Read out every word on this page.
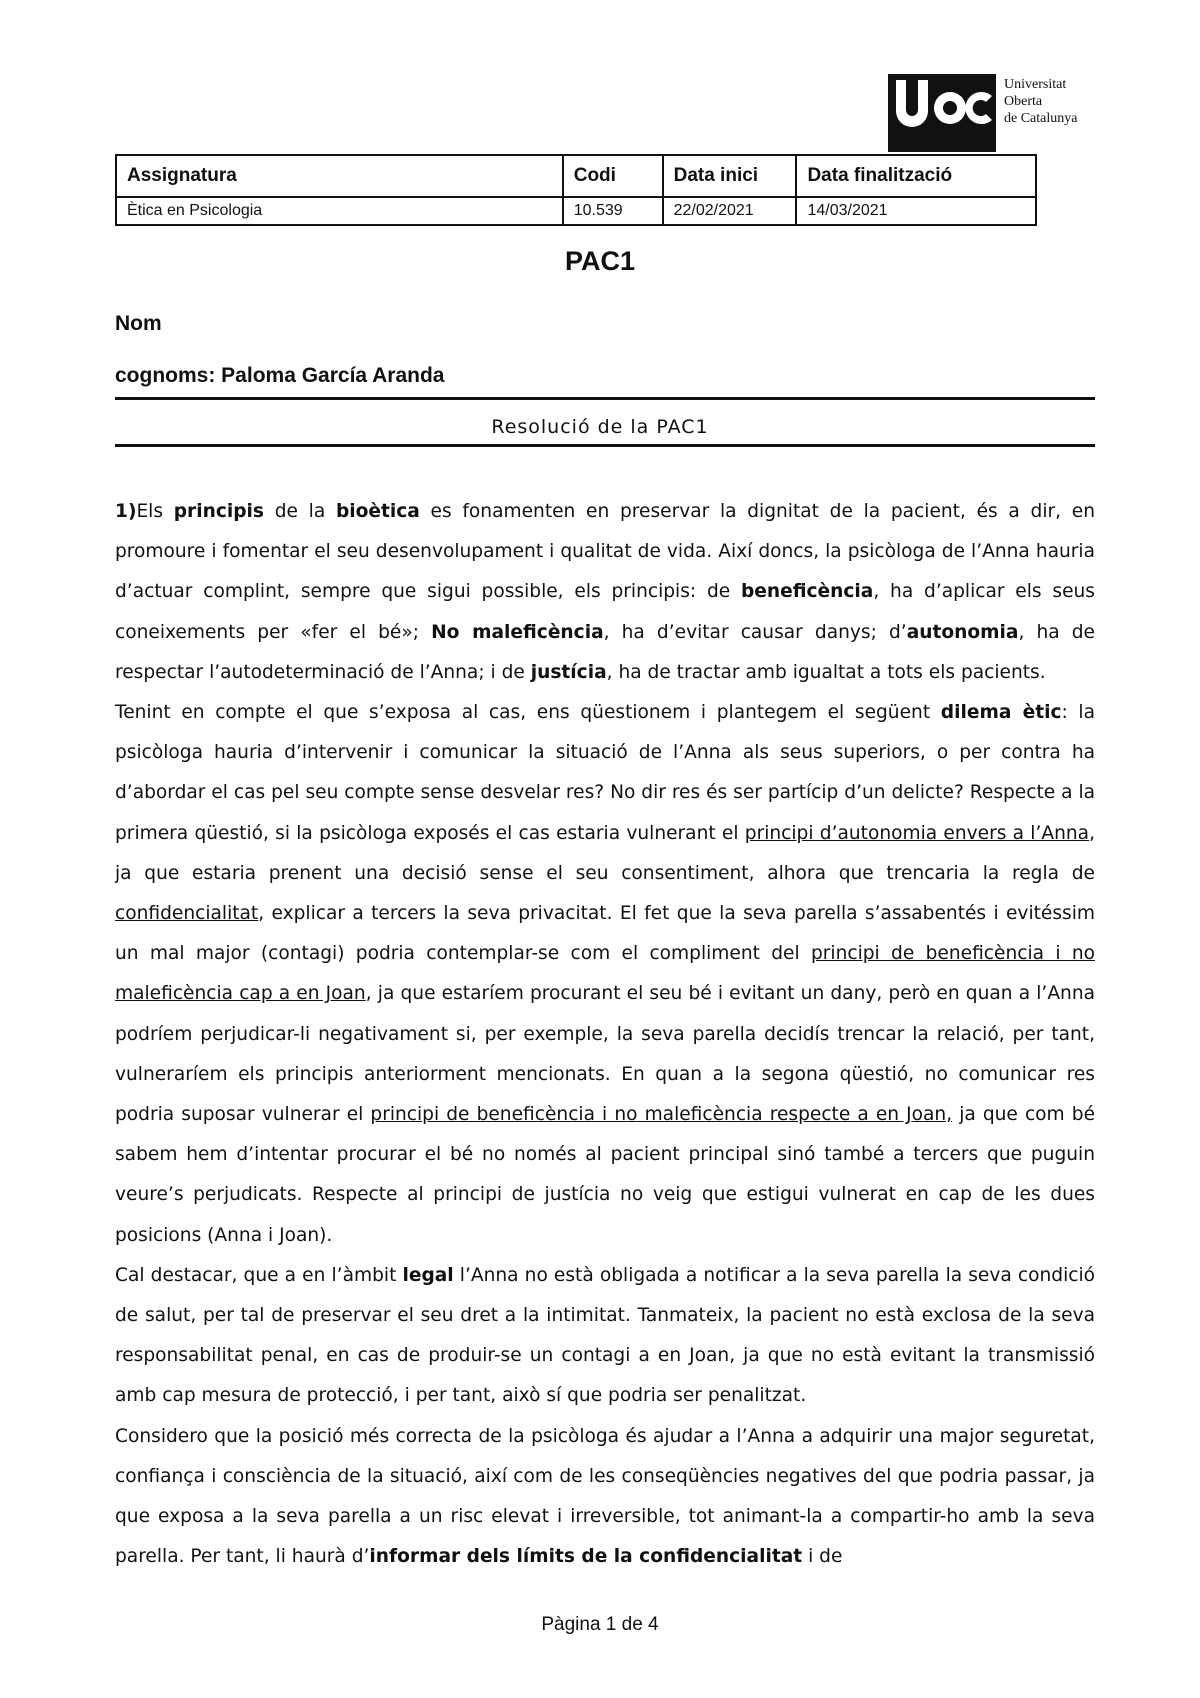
Universitat
Oberta
de Catalunya
Assignatura	Codi	Data inici	Data finalització
Ètica en Psicologia	10.539	22/02/2021	14/03/2021
PAC1
Nom
cognoms: Paloma García Aranda
Resolució de la PAC1

1)Els principis de la bioètica es fonamenten en preservar la dignitat de la pacient, és a dir, en promoure i fomentar el seu desenvolupament i qualitat de vida. Així doncs, la psicòloga de l’Anna hauria d’actuar complint, sempre que sigui possible, els principis: de beneficència, ha d’aplicar els seus coneixements per «fer el bé»; No maleficència, ha d’evitar causar danys; d’autonomia, ha de respectar l’autodeterminació de l’Anna; i de justícia, ha de tractar amb igualtat a tots els pacients.

Tenint en compte el que s’exposa al cas, ens qüestionem i plantegem el següent dilema ètic: la psicòloga hauria d’intervenir i comunicar la situació de l’Anna als seus superiors, o per contra ha d’abordar el cas pel seu compte sense desvelar res? No dir res és ser partícip d’un delicte? Respecte a la primera qüestió, si la psicòloga exposés el cas estaria vulnerant el principi d’autonomia envers a l’Anna, ja que estaria prenent una decisió sense el seu consentiment, alhora que trencaria la regla de confidencialitat, explicar a tercers la seva privacitat. El fet que la seva parella s’assabentés i evitéssim un mal major (contagi) podria contemplar-se com el compliment del principi de beneficència i no maleficència cap a en Joan, ja que estaríem procurant el seu bé i evitant un dany, però en quan a l’Anna podríem perjudicar-li negativament si, per exemple, la seva parella decidís trencar la relació, per tant, vulneraríem els principis anteriorment mencionats. En quan a la segona qüestió, no comunicar res podria suposar vulnerar el principi de beneficència i no maleficència respecte a en Joan, ja que com bé sabem hem d’intentar procurar el bé no només al pacient principal sinó també a tercers que puguin veure’s perjudicats. Respecte al principi de justícia no veig que estigui vulnerat en cap de les dues posicions (Anna i Joan).

Cal destacar, que a en l’àmbit legal l’Anna no està obligada a notificar a la seva parella la seva condició de salut, per tal de preservar el seu dret a la intimitat. Tanmateix, la pacient no està exclosa de la seva responsabilitat penal, en cas de produir-se un contagi a en Joan, ja que no està evitant la transmissió amb cap mesura de protecció, i per tant, això sí que podria ser penalitzat.

Considero que la posició més correcta de la psicòloga és ajudar a l’Anna a adquirir una major seguretat, confiança i consciència de la situació, així com de les conseqüències negatives del que podria passar, ja que exposa a la seva parella a un risc elevat i irreversible, tot animant-la a compartir-ho amb la seva parella. Per tant, li haurà d’informar dels límits de la confidencialitat i de

Pàgina 1 de 4
